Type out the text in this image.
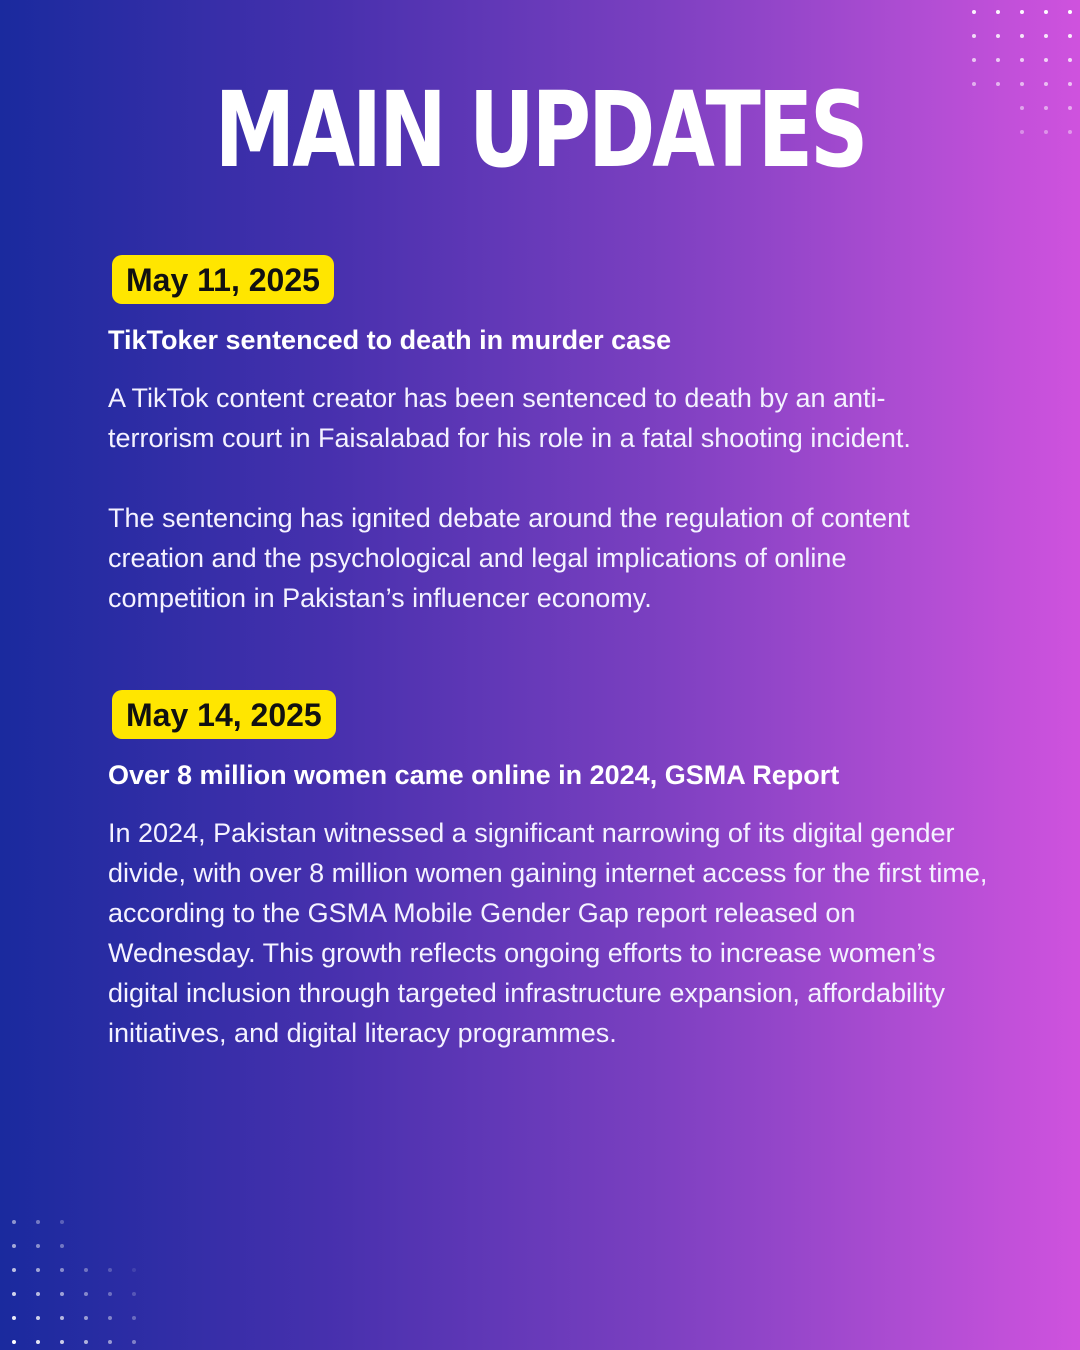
MAIN UPDATES
May 11, 2025
TikToker sentenced to death in murder case
A TikTok content creator has been sentenced to death by an anti-terrorism court in Faisalabad for his role in a fatal shooting incident.
The sentencing has ignited debate around the regulation of content creation and the psychological and legal implications of online competition in Pakistan’s influencer economy.
May 14, 2025
Over 8 million women came online in 2024, GSMA Report
In 2024, Pakistan witnessed a significant narrowing of its digital gender divide, with over 8 million women gaining internet access for the first time, according to the GSMA Mobile Gender Gap report released on Wednesday. This growth reflects ongoing efforts to increase women’s digital inclusion through targeted infrastructure expansion, affordability initiatives, and digital literacy programmes.
